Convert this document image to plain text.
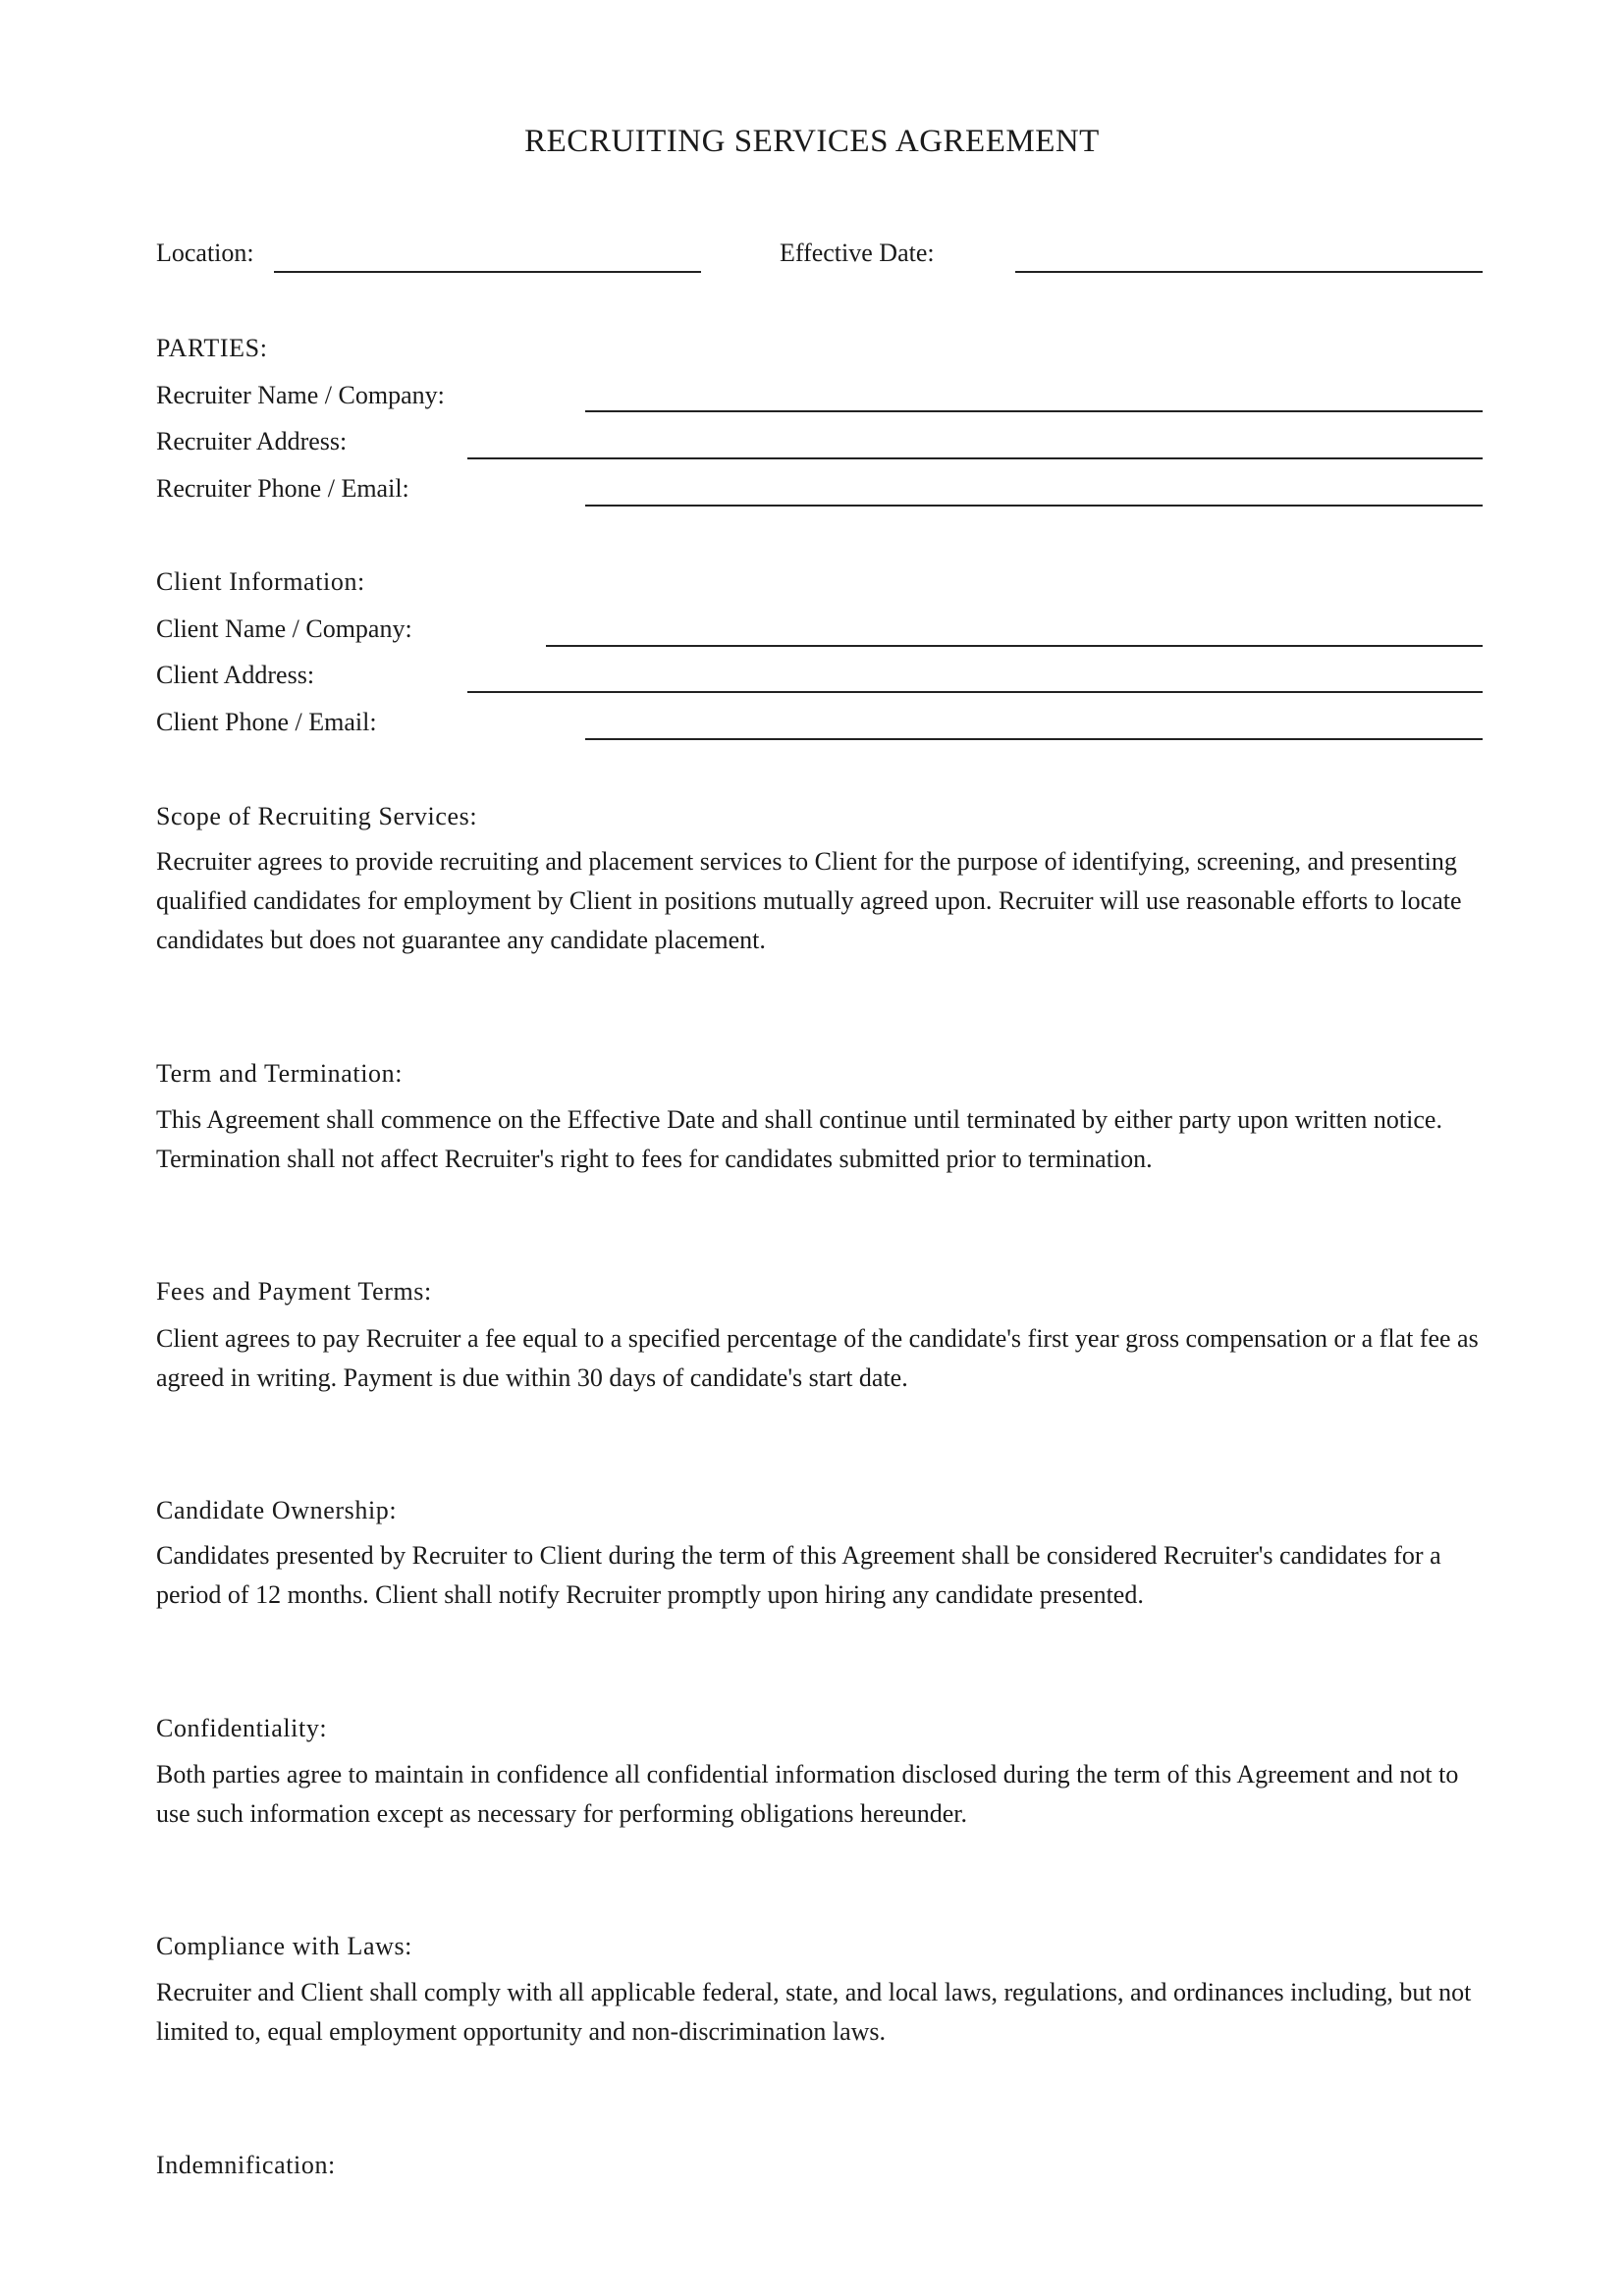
RECRUITING SERVICES AGREEMENT
Location:	Effective Date:
PARTIES:
Recruiter Name / Company:
Recruiter Address:
Recruiter Phone / Email:
Client Information:
Client Name / Company:
Client Address:
Client Phone / Email:
Scope of Recruiting Services:
Recruiter agrees to provide recruiting and placement services to Client for the purpose of identifying, screening, and presenting qualified candidates for employment by Client in positions mutually agreed upon. Recruiter will use reasonable efforts to locate candidates but does not guarantee any candidate placement.
Term and Termination:
This Agreement shall commence on the Effective Date and shall continue until terminated by either party upon written notice. Termination shall not affect Recruiter's right to fees for candidates submitted prior to termination.
Fees and Payment Terms:
Client agrees to pay Recruiter a fee equal to a specified percentage of the candidate's first year gross compensation or a flat fee as agreed in writing. Payment is due within 30 days of candidate's start date.
Candidate Ownership:
Candidates presented by Recruiter to Client during the term of this Agreement shall be considered Recruiter's candidates for a period of 12 months. Client shall notify Recruiter promptly upon hiring any candidate presented.
Confidentiality:
Both parties agree to maintain in confidence all confidential information disclosed during the term of this Agreement and not to use such information except as necessary for performing obligations hereunder.
Compliance with Laws:
Recruiter and Client shall comply with all applicable federal, state, and local laws, regulations, and ordinances including, but not limited to, equal employment opportunity and non-discrimination laws.
Indemnification:
